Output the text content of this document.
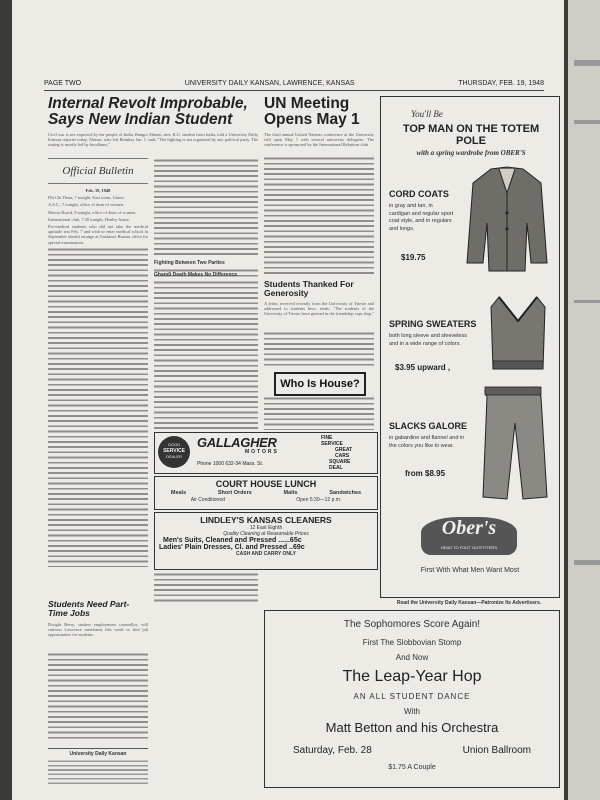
PAGE TWO	UNIVERSITY DAILY KANSAN, LAWRENCE, KANSAS	THURSDAY, FEB. 19, 1948
Internal Revolt Improbable, Says New Indian Student
Civil war is not expected by the people of India, Bangor Shirazi, new K.U. student from India, told a University Daily Kansan reporter today. Shirazi, who left Bombay Jan. 1, said, "The fighting is not organized by any political party. The rioting is mostly led by hoodlums."
Official Bulletin
Feb. 19, 1948

Phi Chi Theta, 7 tonight, East room, Union.

A.S.C., 7 tonight, office of dean of women.

Mortar Board, 9 tonight, office of dean of women.

International club, 7:30 tonight, Henley house.

Pre-medical students who did not take the medical aptitude test Feb. 7 and wish to enter medical school in September should arrange at Guidance Bureau office for special examination.

Students Need Part-Time Jobs
Dwight Berry, student employment counsellor, will canvass Lawrence merchants this week to find job opportunities for students.
University Daily Kansan
Fighting Between Two Parties
UN Meeting Opens May 1
The third annual United Nations conference at the University will open May 1 with several university delegates. The conference is sponsored by the International Relations club.
Ghandi Death Makes No Difference
Students Thanked For Generosity
A letter, received recently from the University of Trieste and addressed to students here, reads: "The students of the University of Trieste have greeted in the friendship caps ship."
Who Is House?
GOOD
SERVICE
DEALER
GALLAGHER
MOTORS
Phone 1000 632-34 Mass. St.
FINE
SERVICE
GREAT
CARS
SQUARE
DEAL
COURT HOUSE LUNCH
Meals	Short Orders	Malts	Sandwiches
Air Conditioned	Open 5:30—12 p.m.
LINDLEY'S KANSAS CLEANERS
12 East Eighth
Quality Cleaning at Reasonable Prices
Men's Suits, Cleaned and Pressed ......65c
Ladies' Plain Dresses, Cl. and Pressed ..69c
CASH AND CARRY ONLY
You'll Be
TOP MAN ON THE TOTEM POLE
with a spring wardrobe from OBER'S
CORD COATS
in gray and tan, in cardigan and regular sport coat style, and in regulars and longs.
$19.75
SPRING SWEATERS
both long sleeve and sleeveless and in a wide range of colors.
$3.95 upward ,
SLACKS GALORE
in gabardine and flannel and in the colors you like to wear.
from $8.95
Ober's
HEAD TO FOOT OUTFITTERS
First With What Men Want Most
Read the University Daily Kansan—Patronize Its Advertisers.
The Sophomores Score Again!
First The Slobbovian Stomp
And Now
The Leap-Year Hop
AN ALL STUDENT DANCE
With
Matt Betton and his Orchestra
Saturday, Feb. 28	Union Ballroom
$1.75 A Couple
